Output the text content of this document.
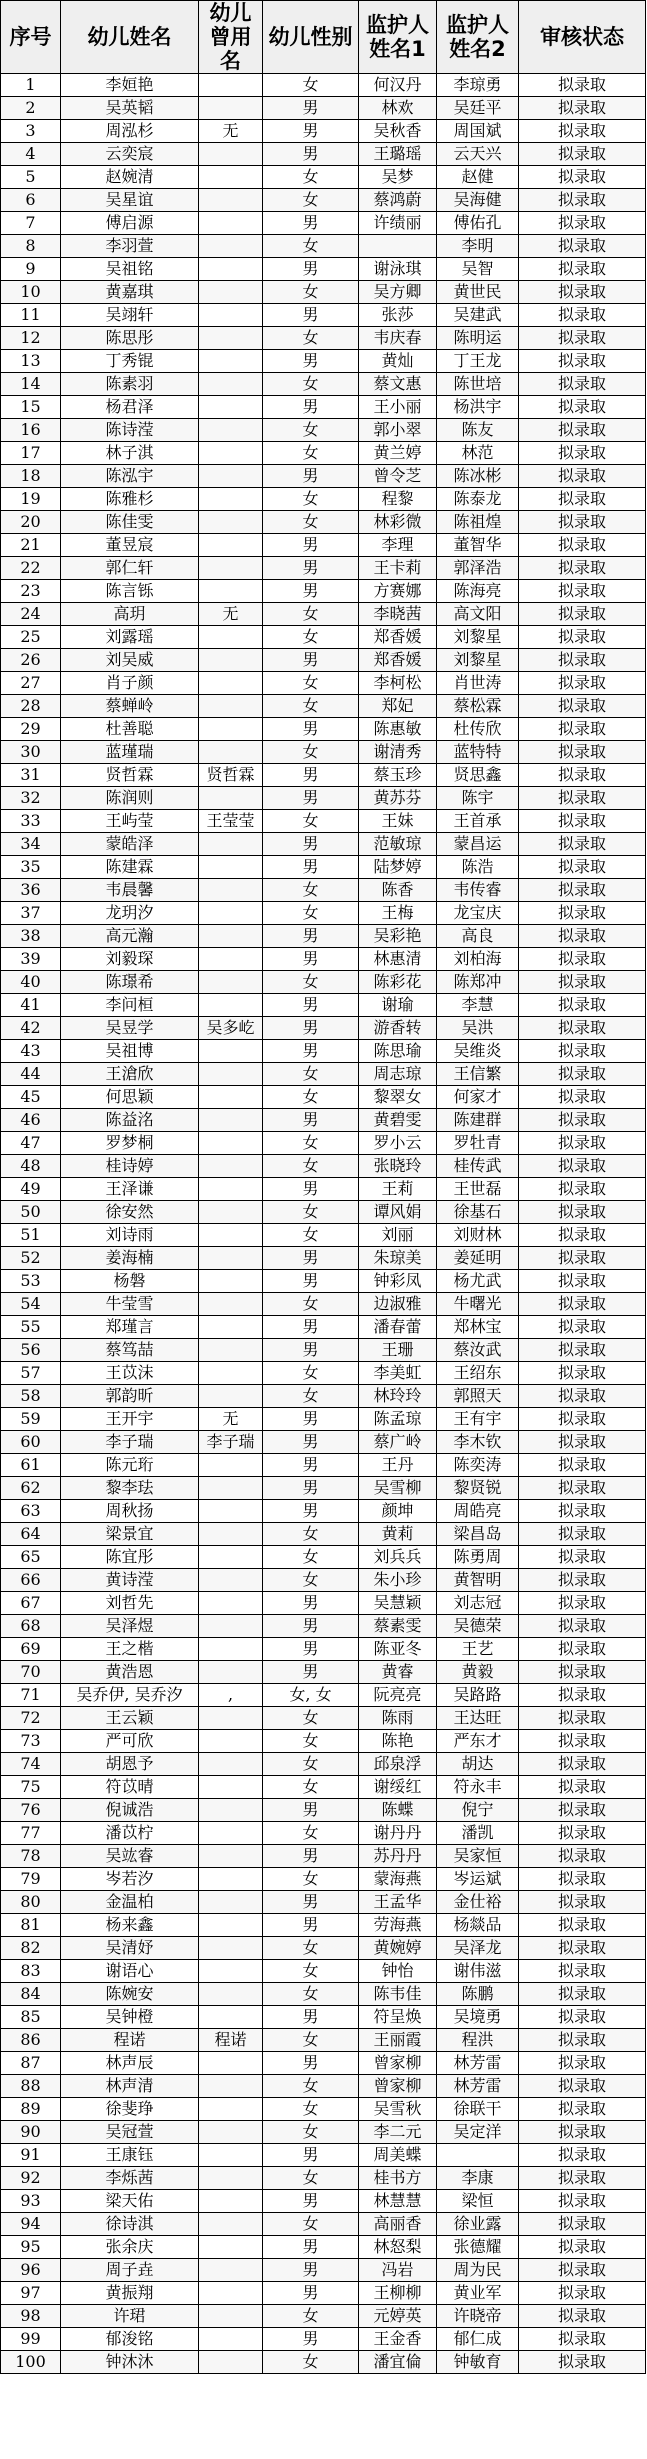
序号	幼儿姓名	幼儿曾用名	幼儿性别	监护人姓名1	监护人姓名2	审核状态
1	李姮艳		女	何汉丹	李琼勇	拟录取
2	吴英韬		男	林欢	吴廷平	拟录取
3	周泓杉	无	男	吴秋香	周国斌	拟录取
4	云奕宸		男	王璐瑶	云天兴	拟录取
5	赵婉清		女	吴梦	赵健	拟录取
6	吴星谊		女	蔡鸿蔚	吴海健	拟录取
7	傅启源		男	许绩丽	傅佑孔	拟录取
8	李羽萱		女		李明	拟录取
9	吴祖铭		男	谢泳琪	吴智	拟录取
10	黄嘉琪		女	吴方卿	黄世民	拟录取
11	吴翊轩		男	张莎	吴建武	拟录取
12	陈思彤		女	韦庆春	陈明运	拟录取
13	丁秀锟		男	黄灿	丁王龙	拟录取
14	陈素羽		女	蔡文惠	陈世培	拟录取
15	杨君泽		男	王小丽	杨洪宇	拟录取
16	陈诗滢		女	郭小翠	陈友	拟录取
17	林子淇		女	黄兰婷	林范	拟录取
18	陈泓宇		男	曾令芝	陈冰彬	拟录取
19	陈雅杉		女	程黎	陈泰龙	拟录取
20	陈佳雯		女	林彩微	陈祖煌	拟录取
21	董昱宸		男	李理	董智华	拟录取
22	郭仁轩		男	王卡莉	郭泽浩	拟录取
23	陈言铄		男	方赛娜	陈海亮	拟录取
24	高玥	无	女	李晓茜	高文阳	拟录取
25	刘露瑶		女	郑香媛	刘黎星	拟录取
26	刘吴威		男	郑香媛	刘黎星	拟录取
27	肖子颜		女	李柯松	肖世涛	拟录取
28	蔡蝉岭		女	郑妃	蔡松霖	拟录取
29	杜善聪		男	陈惠敏	杜传欣	拟录取
30	蓝瑾瑞		女	谢清秀	蓝特特	拟录取
31	贤哲霖	贤哲霖	男	蔡玉珍	贤思鑫	拟录取
32	陈润则		男	黄苏芬	陈宇	拟录取
33	王屿莹	王莹莹	女	王妹	王首承	拟录取
34	蒙皓泽		男	范敏琼	蒙昌运	拟录取
35	陈建霖		男	陆梦婷	陈浩	拟录取
36	韦晨馨		女	陈香	韦传睿	拟录取
37	龙玥汐		女	王梅	龙宝庆	拟录取
38	高元瀚		男	吴彩艳	高良	拟录取
39	刘毅琛		男	林惠清	刘柏海	拟录取
40	陈璟希		女	陈彩花	陈郑冲	拟录取
41	李问桓		男	谢瑜	李慧	拟录取
42	吴昱学	吴多屹	男	游香转	吴洪	拟录取
43	吴祖博		男	陈思瑜	吴维炎	拟录取
44	王滄欣		女	周志琼	王信繁	拟录取
45	何思颖		女	黎翠女	何家才	拟录取
46	陈益洺		男	黄碧雯	陈建群	拟录取
47	罗梦桐		女	罗小云	罗牡青	拟录取
48	桂诗婷		女	张晓玲	桂传武	拟录取
49	王泽谦		男	王莉	王世磊	拟录取
50	徐安然		女	谭风娟	徐基石	拟录取
51	刘诗雨		女	刘丽	刘财林	拟录取
52	姜海楠		男	朱琼美	姜延明	拟录取
53	杨磐		男	钟彩凤	杨尤武	拟录取
54	牛莹雪		女	边淑雅	牛曙光	拟录取
55	郑瑾言		男	潘春蕾	郑林宝	拟录取
56	蔡笃喆		男	王珊	蔡汝武	拟录取
57	王苡沫		女	李美虹	王绍东	拟录取
58	郭韵昕		女	林玲玲	郭照天	拟录取
59	王开宇	无	男	陈孟琼	王有宇	拟录取
60	李子瑞	李子瑞	男	蔡广岭	李木钦	拟录取
61	陈元珩		男	王丹	陈奕涛	拟录取
62	黎李珐		男	吴雪柳	黎贤锐	拟录取
63	周秋扬		男	颜坤	周皓亮	拟录取
64	梁景宜		女	黄莉	梁昌岛	拟录取
65	陈宜彤		女	刘兵兵	陈勇周	拟录取
66	黄诗滢		女	朱小珍	黄智明	拟录取
67	刘哲先		男	吴慧颖	刘志冠	拟录取
68	吴泽煜		男	蔡素雯	吴德荣	拟录取
69	王之楷		男	陈亚冬	王艺	拟录取
70	黄浩恩		男	黄睿	黄毅	拟录取
71	吴乔伊, 吴乔汐	,	女, 女	阮亮亮	吴路路	拟录取
72	王云颖		女	陈雨	王达旺	拟录取
73	严可欣		女	陈艳	严东才	拟录取
74	胡恩予		女	邱泉浮	胡达	拟录取
75	符苡晴		女	谢绥红	符永丰	拟录取
76	倪诚浩		男	陈蝶	倪宁	拟录取
77	潘苡柠		女	谢丹丹	潘凯	拟录取
78	吴竑睿		男	苏丹丹	吴家恒	拟录取
79	岑若汐		女	蒙海燕	岑运斌	拟录取
80	金温柏		男	王孟华	金仕裕	拟录取
81	杨来鑫		男	劳海燕	杨燚品	拟录取
82	吴清妤		女	黄婉婷	吴泽龙	拟录取
83	谢语心		女	钟怡	谢伟滋	拟录取
84	陈婉安		女	陈韦佳	陈鹏	拟录取
85	吴钟橙		男	符呈焕	吴境勇	拟录取
86	程诺	程诺	女	王丽霞	程洪	拟录取
87	林声辰		男	曾家柳	林芳雷	拟录取
88	林声清		女	曾家柳	林芳雷	拟录取
89	徐斐琤		女	吴雪秋	徐联干	拟录取
90	吴冠萱		女	李二元	吴定洋	拟录取
91	王康钰		男	周美蝶		拟录取
92	李烁茜		女	桂书方	李康	拟录取
93	梁天佑		男	林慧慧	梁恒	拟录取
94	徐诗淇		女	高丽香	徐业露	拟录取
95	张余庆		男	林怒梨	张德耀	拟录取
96	周子垚		男	冯岩	周为民	拟录取
97	黄振翔		男	王柳柳	黄业军	拟录取
98	许珺		女	元婷英	许晓帝	拟录取
99	郁浚铭		男	王金香	郁仁成	拟录取
100	钟沐沐		女	潘宜倫	钟敏育	拟录取
